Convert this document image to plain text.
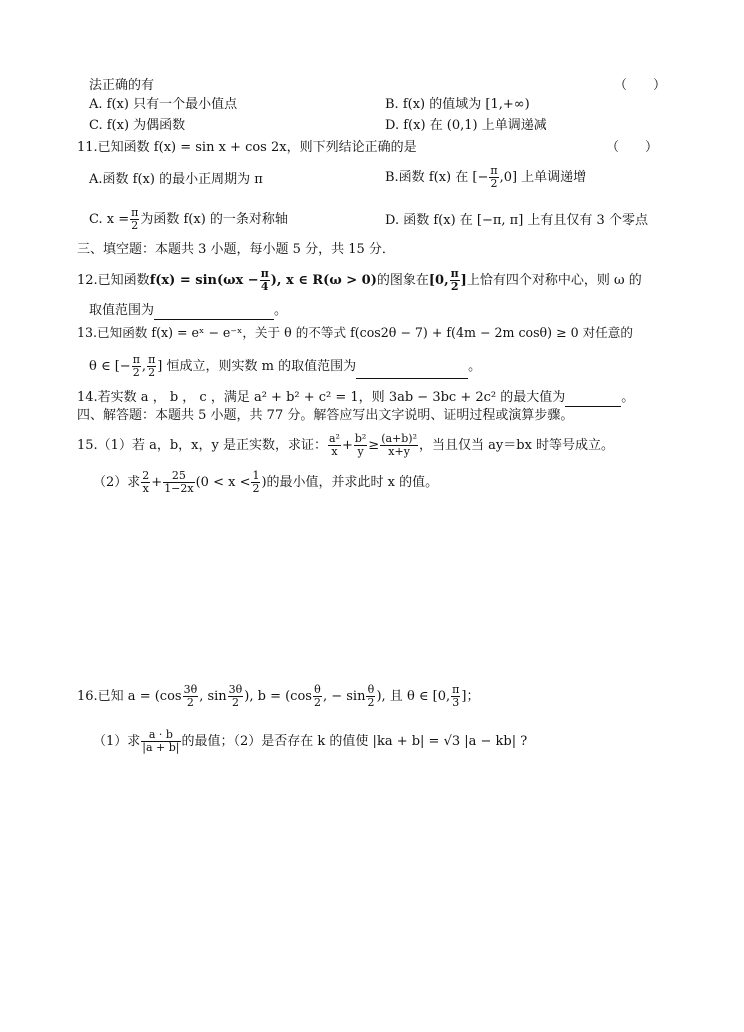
法正确的有	（　　）
A. f(x) 只有一个最小值点	B. f(x) 的值域为 [1,+∞)
C. f(x) 为偶函数	D. f(x) 在 (0,1) 上单调递减
11.已知函数 f(x) = sin x + cos 2x，则下列结论正确的是	（　　）
A.函数 f(x) 的最小正周期为 π	B.函数 f(x) 在 [− $\frac{\pi}{2} ,0$] 上单调递增
C. $x = \frac{\pi}{2}$ 为函数 f(x) 的一条对称轴	D. 函数 f(x) 在 [−π, π] 上有且仅有 3 个零点
三、填空题：本题共 3 小题，每小题 5 分，共 15 分．
12.已知函数$f(x) = \sin(\omega x - \frac{\pi}{4}$ ), x ∈ R(ω > 0)的图象在[0, $\frac{\pi}{2}$ ]上恰有四个对称中心，则 ω 的
取值范围为	。
13.已知函数 f(x) = eˣ − e⁻ˣ，关于 θ 的不等式 f(cos2θ − 7) + f(4m − 2m cosθ) ≥ 0 对任意的
θ ∈ [− $\frac{\pi}{2}$ , $\frac{\pi}{2}$ ] 恒成立，则实数 m 的取值范围为	。
14.若实数 a ， b ， c ，满足 a² + b² + c² = 1，则 3ab − 3bc + 2c² 的最大值为	。
四、解答题：本题共 5 小题，共 77 分。解答应写出文字说明、证明过程或演算步骤。
15.（1）若 a，b，x，y 是正实数，求证： $\frac{\text{a²}}{x} + \frac{\text{b²}}{y} \ge \frac{\text{(a+b)²}}{x+y}$ ，当且仅当 ay＝bx 时等号成立。
（2）求 $\frac{2}{x} + \frac{25}{1-2x} (0 < x < \frac{1}{2}$ )的最小值，并求此时 x 的值。
16.已知 $a = (\cos \frac{3\theta}{2}$ , $\sin \frac{3\theta}{2}$ ), $b = (\cos \frac{\theta}{2}$ , − $\sin \frac{\theta}{2}$ ), 且 θ ∈ [0, $\frac{\pi}{3}$ ]；
（1）求 $\frac{a \cdot b}{|a + b|}$ 的最值；（2）是否存在 k 的值使 |ka + b| = √3 |a − kb| ?
